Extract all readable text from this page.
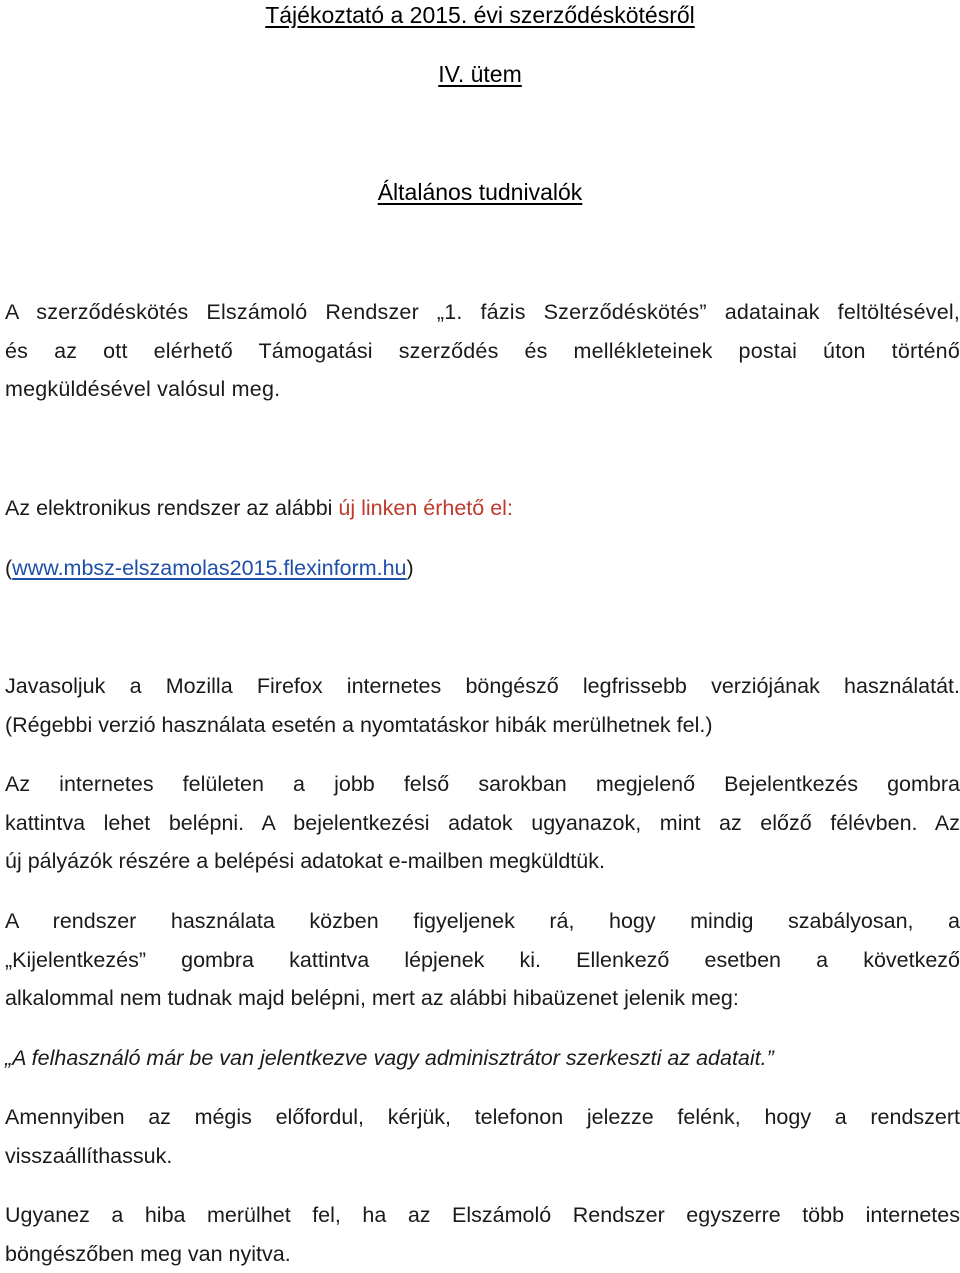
Tájékoztató a 2015. évi szerződéskötésről
IV. ütem
Általános tudnivalók
A szerződéskötés Elszámoló Rendszer „1. fázis Szerződéskötés” adatainak feltöltésével,
és az ott elérhető Támogatási szerződés és mellékleteinek postai úton történő
megküldésével valósul meg.
Az elektronikus rendszer az alábbi új linken érhető el:
(www.mbsz-elszamolas2015.flexinform.hu)
Javasoljuk a Mozilla Firefox internetes böngésző legfrissebb verziójának használatát.
(Régebbi verzió használata esetén a nyomtatáskor hibák merülhetnek fel.)
Az internetes felületen a jobb felső sarokban megjelenő Bejelentkezés gombra
kattintva lehet belépni. A bejelentkezési adatok ugyanazok, mint az előző félévben. Az
új pályázók részére a belépési adatokat e-mailben megküldtük.
A rendszer használata közben figyeljenek rá, hogy mindig szabályosan, a
„Kijelentkezés” gombra kattintva lépjenek ki. Ellenkező esetben a következő
alkalommal nem tudnak majd belépni, mert az alábbi hibaüzenet jelenik meg:
„A felhasználó már be van jelentkezve vagy adminisztrátor szerkeszti az adatait.”
Amennyiben az mégis előfordul, kérjük, telefonon jelezze felénk, hogy a rendszert
visszaállíthassuk.
Ugyanez a hiba merülhet fel, ha az Elszámoló Rendszer egyszerre több internetes
böngészőben meg van nyitva.
